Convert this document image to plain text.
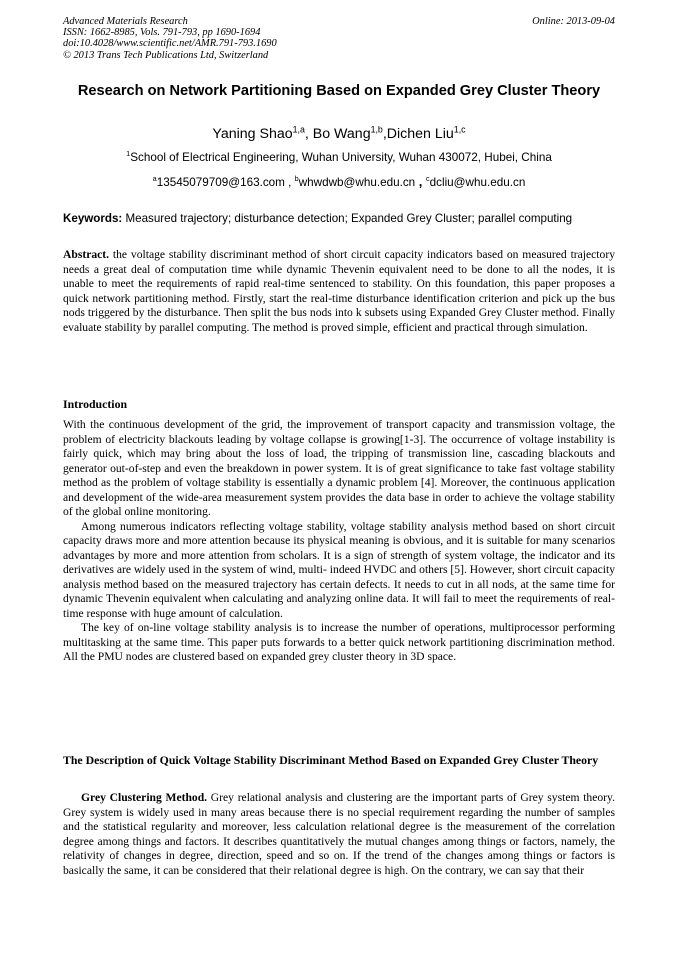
Advanced Materials Research
ISSN: 1662-8985, Vols. 791-793, pp 1690-1694
doi:10.4028/www.scientific.net/AMR.791-793.1690
© 2013 Trans Tech Publications Ltd, Switzerland
Online: 2013-09-04
Research on Network Partitioning Based on Expanded Grey Cluster Theory
Yaning Shao$^{1,a}$, Bo Wang$^{1,b}$,Dichen Liu$^{1,c}$
$^1$School of Electrical Engineering, Wuhan University, Wuhan 430072, Hubei, China
$^a$13545079709@163.com , $^b$whwdwb@whu.edu.cn , $^c$dcliu@whu.edu.cn
Keywords: Measured trajectory; disturbance detection; Expanded Grey Cluster; parallel computing

Abstract. the voltage stability discriminant method of short circuit capacity indicators based on measured trajectory needs a great deal of computation time while dynamic Thevenin equivalent need to be done to all the nodes, it is unable to meet the requirements of rapid real-time sentenced to stability. On this foundation, this paper proposes a quick network partitioning method. Firstly, start the real-time disturbance identification criterion and pick up the bus nods triggered by the disturbance. Then split the bus nods into k subsets using Expanded Grey Cluster method. Finally evaluate stability by parallel computing. The method is proved simple, efficient and practical through simulation.

Introduction

With the continuous development of the grid, the improvement of transport capacity and transmission voltage, the problem of electricity blackouts leading by voltage collapse is growing[1-3]. The occurrence of voltage instability is fairly quick, which may bring about the loss of load, the tripping of transmission line, cascading blackouts and generator out-of-step and even the breakdown in power system. It is of great significance to take fast voltage stability method as the problem of voltage stability is essentially a dynamic problem [4]. Moreover, the continuous application and development of the wide-area measurement system provides the data base in order to achieve the voltage stability of the global online monitoring.

Among numerous indicators reflecting voltage stability, voltage stability analysis method based on short circuit capacity draws more and more attention because its physical meaning is obvious, and it is suitable for many scenarios advantages by more and more attention from scholars. It is a sign of strength of system voltage, the indicator and its derivatives are widely used in the system of wind, multi- indeed HVDC and others [5]. However, short circuit capacity analysis method based on the measured trajectory has certain defects. It needs to cut in all nods, at the same time for dynamic Thevenin equivalent when calculating and analyzing online data. It will fail to meet the requirements of real-time response with huge amount of calculation.

The key of on-line voltage stability analysis is to increase the number of operations, multiprocessor performing multitasking at the same time. This paper puts forwards to a better quick network partitioning discrimination method. All the PMU nodes are clustered based on expanded grey cluster theory in 3D space.

The Description of Quick Voltage Stability Discriminant Method Based on Expanded Grey Cluster Theory

Grey Clustering Method. Grey relational analysis and clustering are the important parts of Grey system theory. Grey system is widely used in many areas because there is no special requirement regarding the number of samples and the statistical regularity and moreover, less calculation relational degree is the measurement of the correlation degree among things and factors. It describes quantitatively the mutual changes among things or factors, namely, the relativity of changes in degree, direction, speed and so on. If the trend of the changes among things or factors is basically the same, it can be considered that their relational degree is high. On the contrary, we can say that their
